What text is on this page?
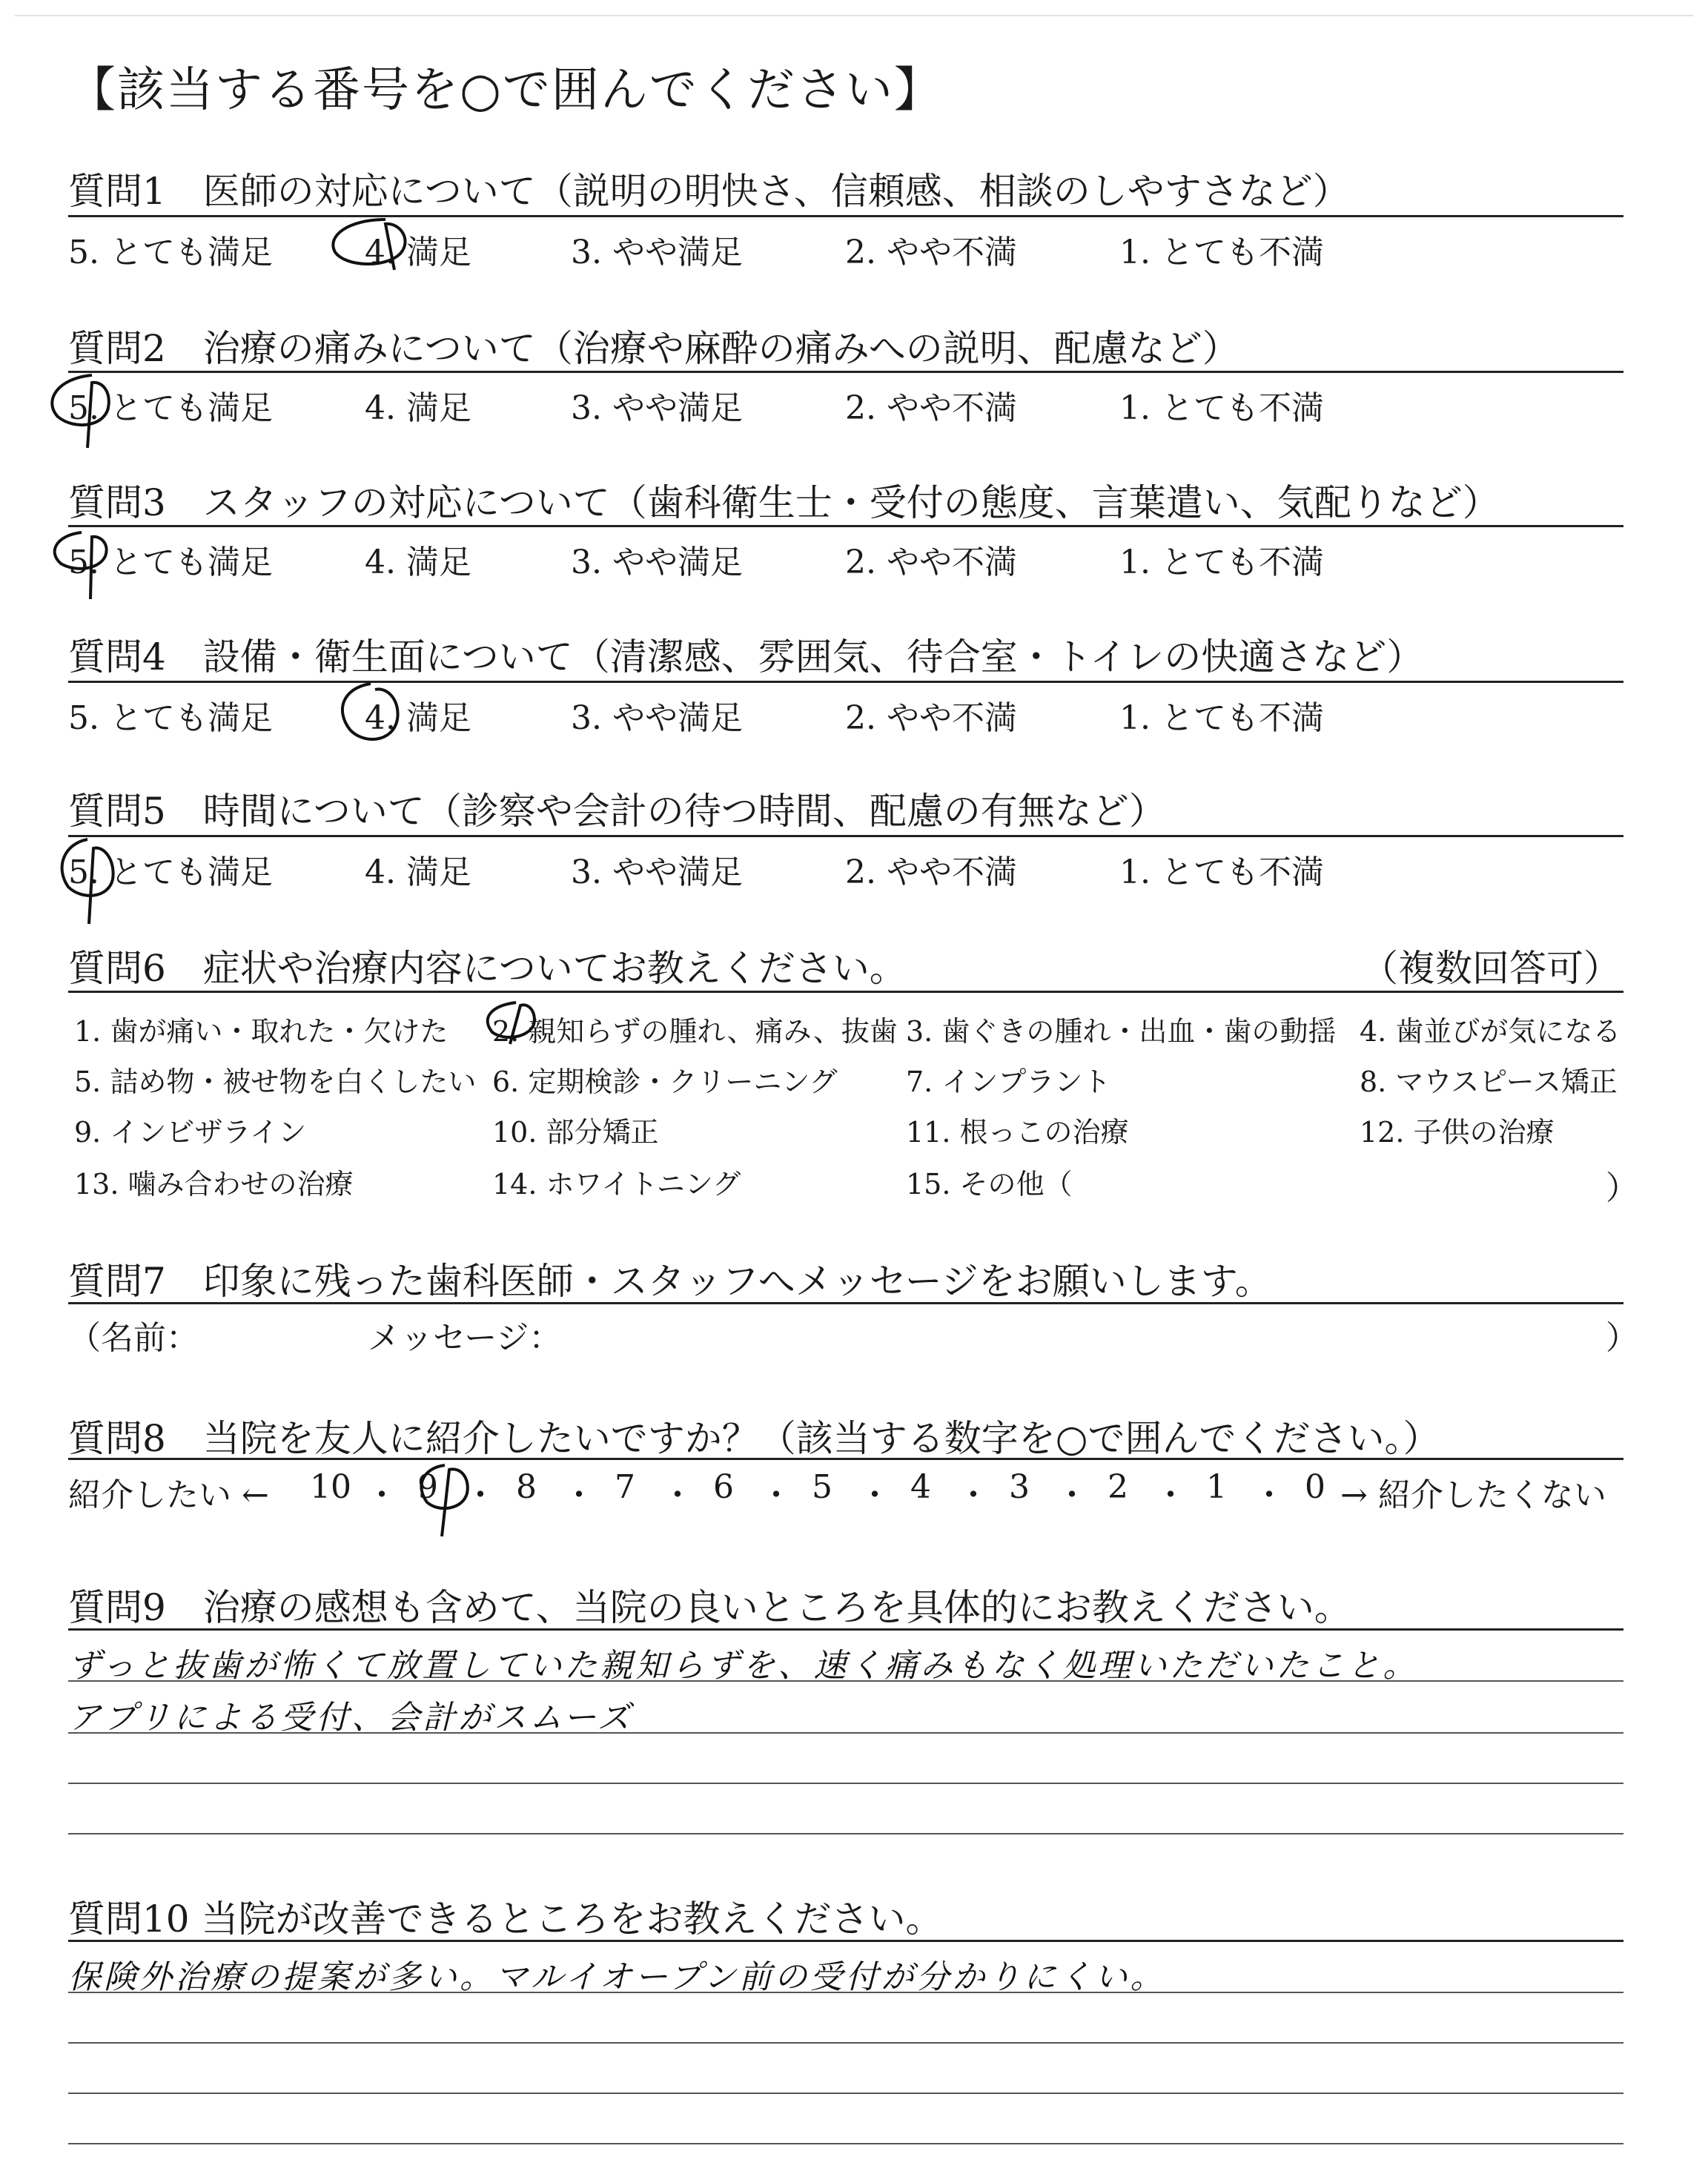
【該当する番号を○で囲んでください】
質問1　医師の対応について（説明の明快さ、信頼感、相談のしやすさなど）
5. とても満足	4. 満足	3. やや満足	2. やや不満	1. とても不満
質問2　治療の痛みについて（治療や麻酔の痛みへの説明、配慮など）
5. とても満足	4. 満足	3. やや満足	2. やや不満	1. とても不満
質問3　スタッフの対応について（歯科衛生士・受付の態度、言葉遣い、気配りなど）
5. とても満足	4. 満足	3. やや満足	2. やや不満	1. とても不満
質問4　設備・衛生面について（清潔感、雰囲気、待合室・トイレの快適さなど）
5. とても満足	4. 満足	3. やや満足	2. やや不満	1. とても不満
質問5　時間について（診察や会計の待つ時間、配慮の有無など）
5. とても満足	4. 満足	3. やや満足	2. やや不満	1. とても不満
質問6　症状や治療内容についてお教えください。	（複数回答可）
1. 歯が痛い・取れた・欠けた 2. 親知らずの腫れ、痛み、抜歯 3. 歯ぐきの腫れ・出血・歯の動揺 4. 歯並びが気になる
5. 詰め物・被せ物を白くしたい 6. 定期検診・クリーニング 7. インプラント	8. マウスピース矯正
9. インビザライン	10. 部分矯正	11. 根っこの治療	12. 子供の治療
13. 噛み合わせの治療	14. ホワイトニング	15. その他（	）
質問7　印象に残った歯科医師・スタッフへメッセージをお願いします。
（名前：	メッセージ：	）
質問8　当院を友人に紹介したいですか？（該当する数字を○で囲んでください。）
紹介したい ←	→ 紹介したくない
10 ・ 9 ・ 8 ・ 7 ・ 6 ・ 5 ・ 4 ・ 3 ・ 2 ・ 1 ・ 0
質問9　治療の感想も含めて、当院の良いところを具体的にお教えください。
ずっと抜歯が怖くて放置していた親知らずを、速く痛みもなく処理いただいたこと。
アプリによる受付、会計がスムーズ
質問10 当院が改善できるところをお教えください。
保険外治療の提案が多い。マルイオープン前の受付が分かりにくい。
